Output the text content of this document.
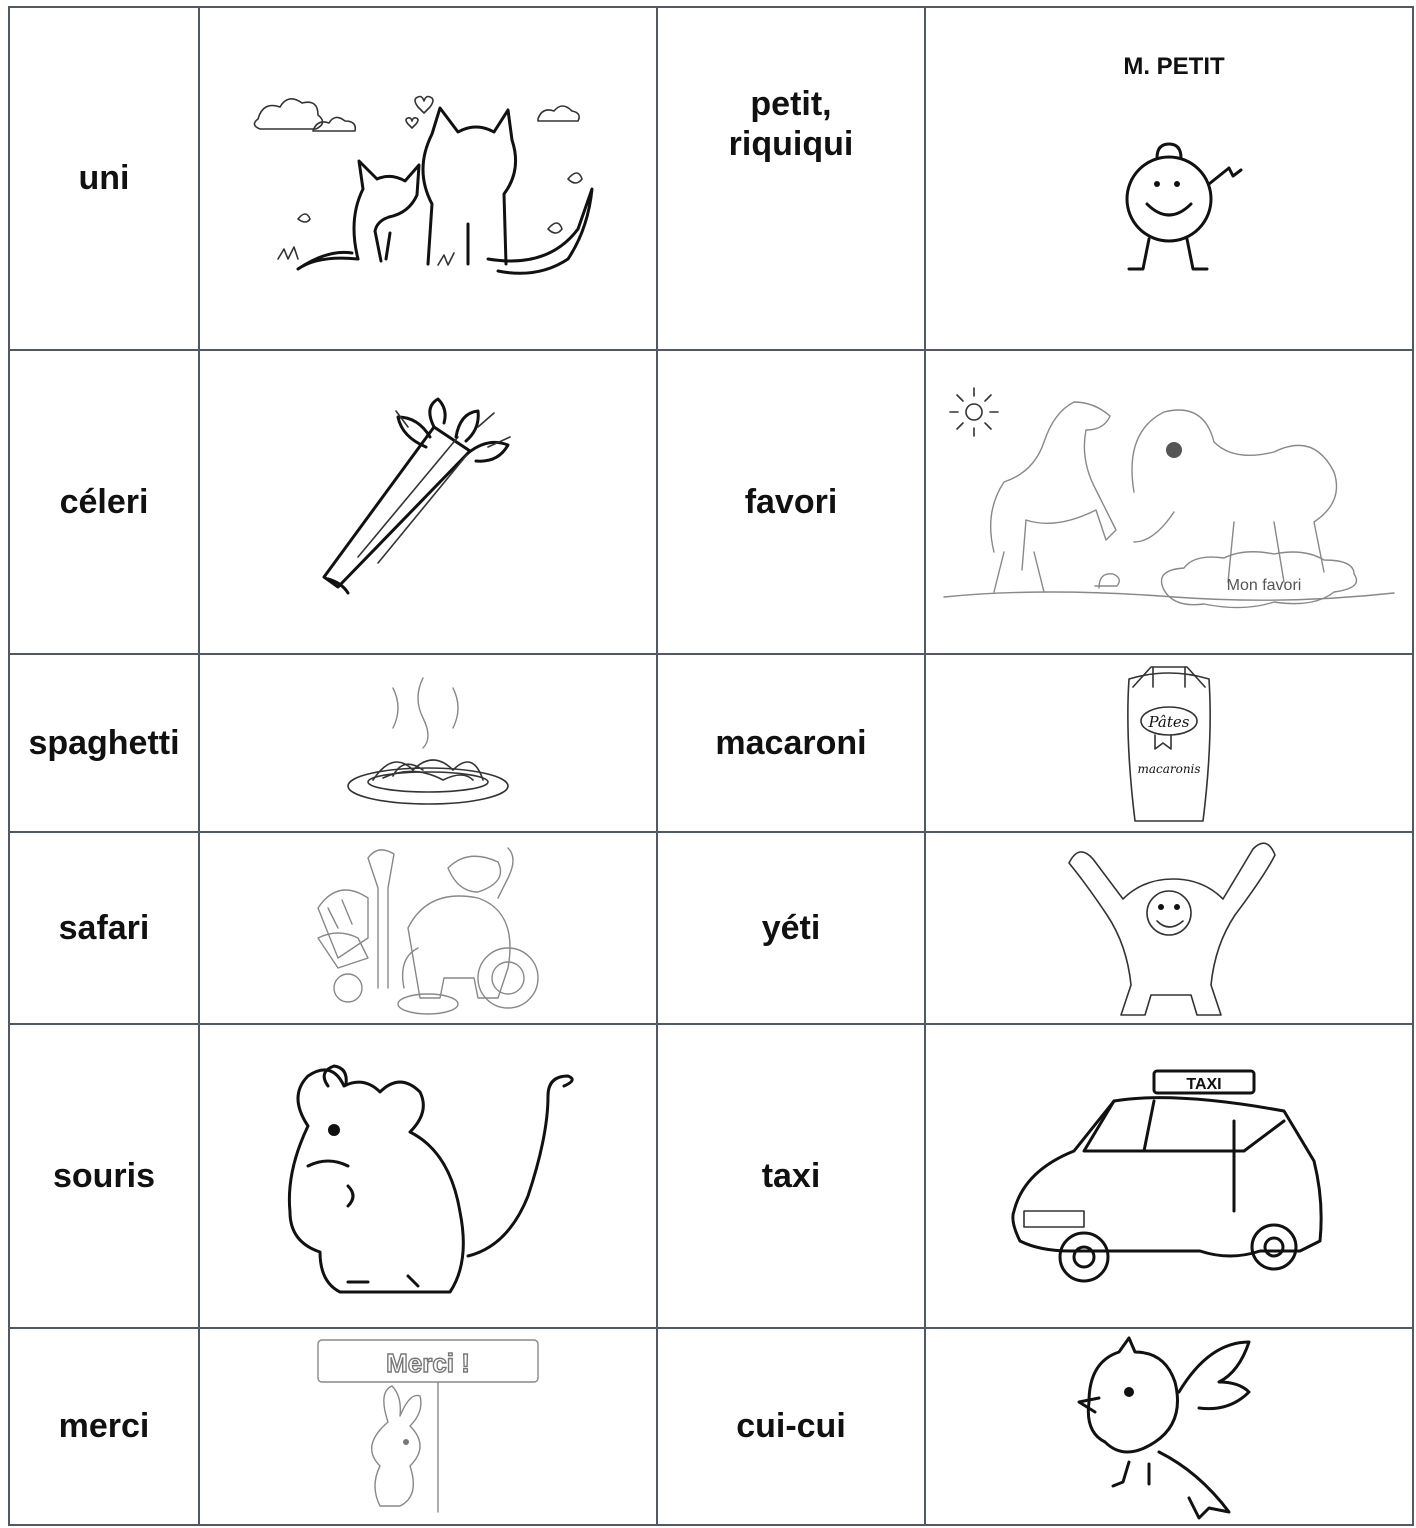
uni		petit,
riquiqui	M. PETIT

céleri		favori	Mon favori

spaghetti		macaroni	Pâtes
macaronis

safari		yéti	

souris		taxi	TAXI

merci	Merci !	cui-cui	
